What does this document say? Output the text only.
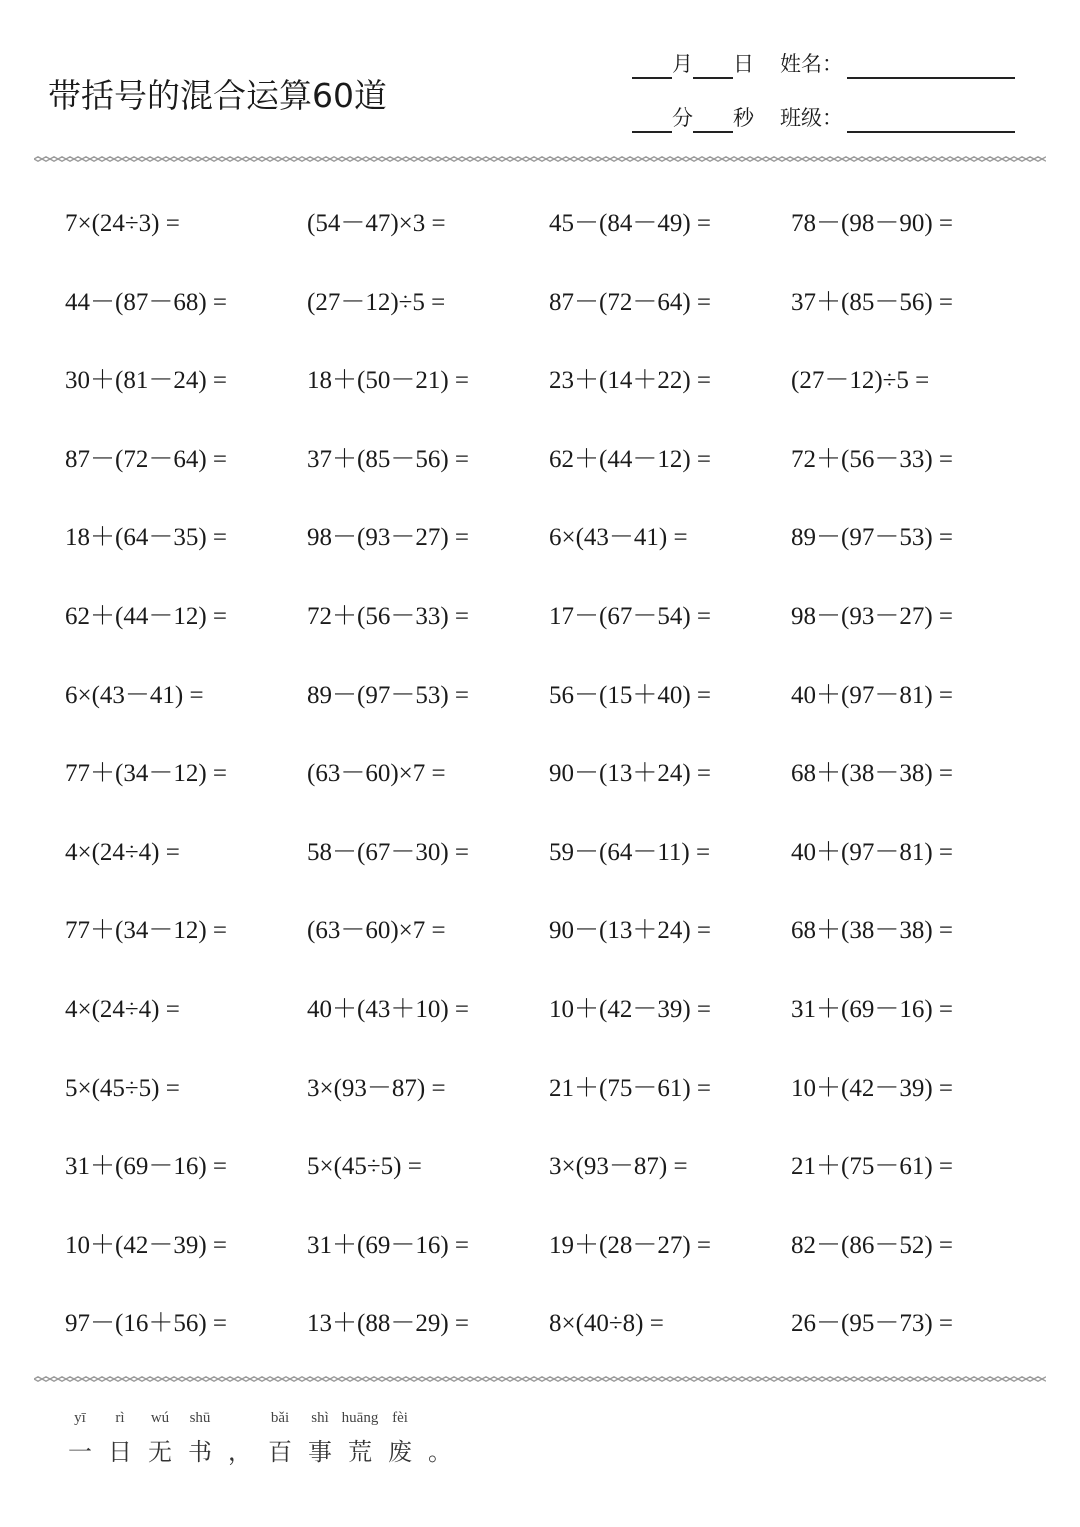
带括号的混合运算60道
月 日 姓名：
分 秒 班级：
7×(24÷3) =	(54－47)×3 =	45－(84－49) =	78－(98－90) =
44－(87－68) =	(27－12)÷5 =	87－(72－64) =	37＋(85－56) =
30＋(81－24) =	18＋(50－21) =	23＋(14＋22) =	(27－12)÷5 =
87－(72－64) =	37＋(85－56) =	62＋(44－12) =	72＋(56－33) =
18＋(64－35) =	98－(93－27) =	6×(43－41) =	89－(97－53) =
62＋(44－12) =	72＋(56－33) =	17－(67－54) =	98－(93－27) =
6×(43－41) =	89－(97－53) =	56－(15＋40) =	40＋(97－81) =
77＋(34－12) =	(63－60)×7 =	90－(13＋24) =	68＋(38－38) =
4×(24÷4) =	58－(67－30) =	59－(64－11) =	40＋(97－81) =
77＋(34－12) =	(63－60)×7 =	90－(13＋24) =	68＋(38－38) =
4×(24÷4) =	40＋(43＋10) =	10＋(42－39) =	31＋(69－16) =
5×(45÷5) =	3×(93－87) =	21＋(75－61) =	10＋(42－39) =
31＋(69－16) =	5×(45÷5) =	3×(93－87) =	21＋(75－61) =
10＋(42－39) =	31＋(69－16) =	19＋(28－27) =	82－(86－52) =
97－(16＋56) =	13＋(88－29) =	8×(40÷8) =	26－(95－73) =
yī
一
rì
日
wú
无
shū
书 ，
bǎi
百
shì
事
huāng
荒
fèi
废 。
